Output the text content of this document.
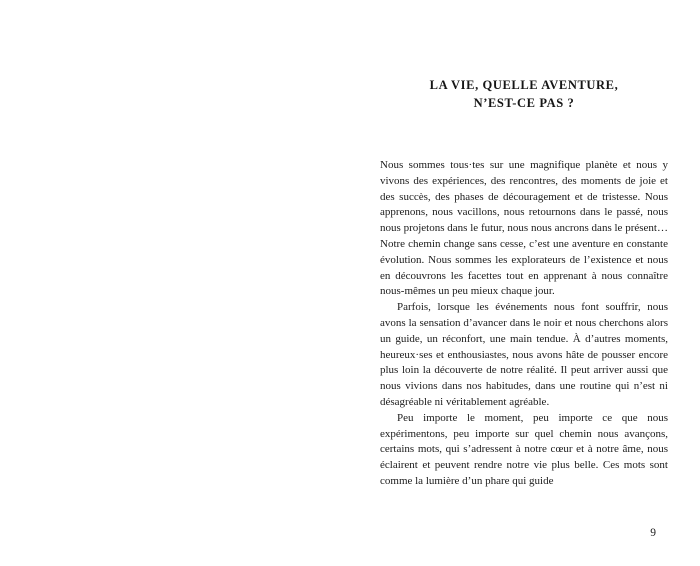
LA VIE, QUELLE AVENTURE,
N’EST-CE PAS ?

Nous sommes tous·tes sur une magnifique planète et nous y vivons des expériences, des rencontres, des moments de joie et des succès, des phases de découragement et de tristesse. Nous apprenons, nous vacillons, nous retournons dans le passé, nous nous projetons dans le futur, nous nous ancrons dans le présent… Notre chemin change sans cesse, c’est une aventure en constante évolution. Nous sommes les explorateurs de l’existence et nous en découvrons les facettes tout en apprenant à nous connaître nous-mêmes un peu mieux chaque jour.

Parfois, lorsque les événements nous font souffrir, nous avons la sensation d’avancer dans le noir et nous cherchons alors un guide, un réconfort, une main tendue. À d’autres moments, heureux·ses et enthousiastes, nous avons hâte de pousser encore plus loin la découverte de notre réalité. Il peut arriver aussi que nous vivions dans nos habitudes, dans une routine qui n’est ni désagréable ni véritablement agréable.

Peu importe le moment, peu importe ce que nous expérimentons, peu importe sur quel chemin nous avançons, certains mots, qui s’adressent à notre cœur et à notre âme, nous éclairent et peuvent rendre notre vie plus belle. Ces mots sont comme la lumière d’un phare qui guide

9
